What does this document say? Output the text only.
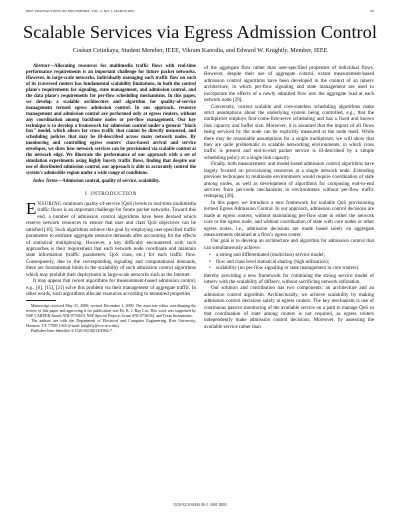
IEEE TRANSACTIONS ON MULTIMEDIA, VOL. 3, NO. 1, MARCH 2001	69
Scalable Services via Egress Admission Control
Coskun Cetinkaya, Student Member, IEEE, Vikram Kanodia, and Edward W. Knightly, Member, IEEE

Abstract—Allocating resources for multimedia traffic flows with real-time performance requirements is an important challenge for future packet networks. However, in large-scale networks, individually managing each traffic flow on each of its traversed routers has fundamental scalability limitations, in both the control plane's requirements for signaling, state management, and admission control, and the data plane's requirements for per-flow scheduling mechanisms. In this paper, we develop a scalable architecture and algorithm for quality-of-service management termed egress admission control. In our approach, resource management and admission control are performed only at egress routers, without any coordination among backbone nodes or per-flow management. Our key technique is to develop a framework for admission control under a general "black box" model, which allows for cross traffic that cannot be directly measured, and scheduling policies that may be ill-described across many network nodes. By monitoring and controlling egress routers' class-based arrival and service envelopes, we show how network services can be provisioned via scalable control at the network edge. We illustrate the performance of our approach with a set of simulation experiments using highly bursty traffic flows, finding that despite our use of distributed admission control, our approach is able to accurately control the system's admissible region under a wide range of conditions.

Index Terms—Admission control, quality of service, scalability.

I. INTRODUCTION
E NSURING minimum quality-of-service (QoS) levels to real-time multimedia traffic flows is an important challenge for future packet networks. Toward this end, a number of admission control algorithms have been devised which reserve network resources to ensure that user and class QoS objectives can be satisfied [10]. Such algorithms achieve this goal by employing user-specified traffic parameters to estimate aggregate resource demands after accounting for the effects of statistical multiplexing. However, a key difficulty encountered with such approaches is their requirement that each network node coordinate and maintain state information (traffic parameters, QoS class, etc.) for each traffic flow. Consequently, due to the corresponding signaling and computational demands, there are fundamental limits to the scalability of such admission control algorithms which may prohibit their deployment in large-scale networks such as the Internet.

It may appear that recent algorithms for measurement-based admission control, e.g., [6], [15], [21] solve this problem via their management of aggregate traffic. In other words, such algorithms allocate resources according to measured properties

Manuscript received May 31, 2000; revised December 1, 2000. The associate editor coordinating the review of this paper and approving it for publication was Dr. K. J. Ray Liu. This work was supported by NSF CAREER Award ANI-9733610, NSF Special Projects Grant ANI-9730104, and Texas Instruments.

The authors are with the Department of Electrical and Computer Engineering, Rice University, Houston, TX 77005 USA (e-mail: knightly@ece.rice.edu).

Publisher Item Identifier S 1520-9210(01)01864-7.

of the aggregate flow rather than user-specified properties of individual flows. However, despite their use of aggregate control, extant measurement-based admission control algorithms have been developed in the context of an intserv architecture, in which per-flow signaling and state management are used to incorporate the effects of a newly admitted flow into the aggregate load at each network node [29].

Conversely, current scalable and core-stateless scheduling algorithms make strict assumptions about the underlying system being controlled, e.g., that the multiplexer employs first-come-first-serve scheduling and has a fixed and known link capacity and buffer size. Moreover, it is assumed that the impact of all flows being serviced by the node can be explicitly measured at the node itself. While there may be reasonable assumptions for a single multiplexer, we will show that they are quite problematic in scalable networking environments, in which cross traffic is present and end-to-end packet service is ill-described by a simple scheduling policy or a single link capacity.

Finally, both measurement- and model-based admission control algorithms have largely focused on provisioning resources at a single network node. Extending previous techniques to multinode environments would require coordination of state among nodes, as well as development of algorithms for composing end-to-end services from per-node mechanisms in environments without per-flow traffic reshaping [28].

In this paper, we introduce a new framework for scalable QoS provisioning termed Egress Admission Control. In our approach, admission control decisions are made at egress routers, without maintaining per-flow state in either the network core or the egress node, and without coordination of state with core nodes or other egress nodes, i.e., admission decisions are made based solely on aggregate measurements obtained at a flow's egress router.

Our goal is to develop an architecture and algorithm for admission control that can simultaneously achieve:

• a strong and differentiated (multiclass) service model;
• flow and class level statistical sharing (high utilization);
• scalability (no per-flow signaling or state management in core routers)

thereby providing a new framework for combining the strong service model of intserv with the scalability of diffserv, without sacrificing network utilization.

Our solution and contribution has two components: an architecture and an admission control algorithm. Architecturally, we achieve scalability by making admission control decisions solely at egress routers. The key mechanism is use of continuous passive monitoring of the available service on a path to manage QoS so that coordination of state among routers is not required, as egress routers independently make admission control decisions. Moreover, by assessing the available service rather than

1520-9210/01$10.00 © 2001 IEEE
